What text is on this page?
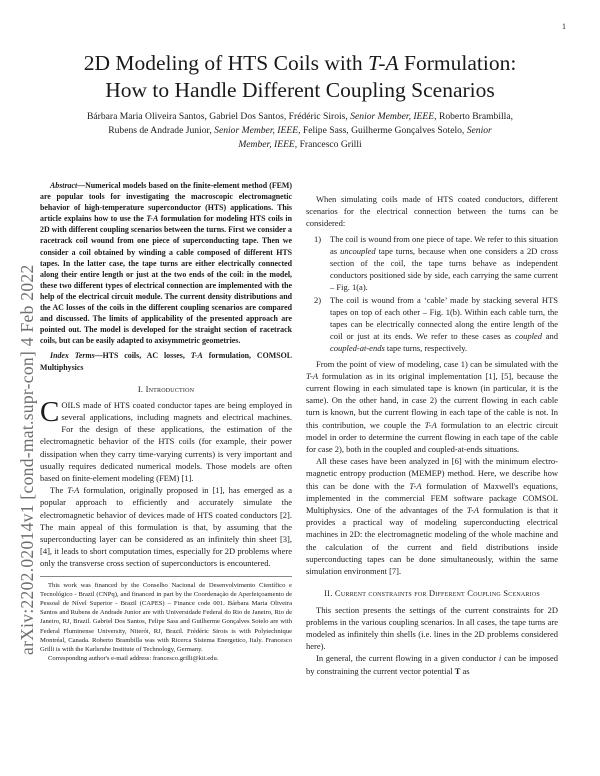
1
arXiv:2202.02014v1 [cond-mat.supr-con] 4 Feb 2022
2D Modeling of HTS Coils with T-A Formulation:
How to Handle Different Coupling Scenarios
Bárbara Maria Oliveira Santos, Gabriel Dos Santos, Frédéric Sirois, Senior Member, IEEE, Roberto Brambilla,
Rubens de Andrade Junior, Senior Member, IEEE, Felipe Sass, Guilherme Gonçalves Sotelo, Senior
Member, IEEE, Francesco Grilli

Abstract—Numerical models based on the finite-element method (FEM) are popular tools for investigating the macroscopic electromagnetic behavior of high-temperature superconductor (HTS) applications. This article explains how to use the T-A formulation for modeling HTS coils in 2D with different coupling scenarios between the turns. First we consider a racetrack coil wound from one piece of superconducting tape. Then we consider a coil obtained by winding a cable composed of different HTS tapes. In the latter case, the tape turns are either electrically connected along their entire length or just at the two ends of the coil: in the model, these two different types of electrical connection are implemented with the help of the electrical circuit module. The current density distributions and the AC losses of the coils in the different coupling scenarios are compared and discussed. The limits of applicability of the presented approach are pointed out. The model is developed for the straight section of racetrack coils, but can be easily adapted to axisymmetric geometries.

Index Terms—HTS coils, AC losses, T-A formulation, COMSOL Multiphysics

I. Introduction

COILS made of HTS coated conductor tapes are being employed in several applications, including magnets and electrical machines. For the design of these applications, the estimation of the electromagnetic behavior of the HTS coils (for example, their power dissipation when they carry time-varying currents) is very important and usually requires dedicated numerical models. Those models are often based on finite-element modeling (FEM) [1].

The T-A formulation, originally proposed in [1], has emerged as a popular approach to efficiently and accurately simulate the electromagnetic behavior of devices made of HTS coated conductors [2]. The main appeal of this formulation is that, by assuming that the superconducting layer can be considered as an infinitely thin sheet [3], [4], it leads to short computation times, especially for 2D problems where only the transverse cross section of superconductors is encountered.

This work was financed by the Conselho Nacional de Desenvolvimento Científico e Tecnológico - Brazil (CNPq), and financed in part by the Coordenação de Aperfeiçoamento de Pessoal de Nível Superior - Brazil (CAPES) – Finance code 001. Bárbara Maria Oliveira Santos and Rubens de Andrade Junior are with Universidade Federal do Rio de Janeiro, Rio de Janeiro, RJ, Brazil. Gabriel Dos Santos, Felipe Sass and Guilherme Gonçalves Sotelo are with Federal Fluminense University, Niterói, RJ, Brazil. Frédéric Sirois is with Polytechnique Montréal, Canada. Roberto Brambilla was with Ricerca Sistema Energetico, Italy. Francesco Grilli is with the Karlsruhe Institute of Technology, Germany.

Corresponding author's e-mail address: francesco.grilli@kit.edu.

When simulating coils made of HTS coated conductors, different scenarios for the electrical connection between the turns can be considered:

1) The coil is wound from one piece of tape. We refer to this situation as uncoupled tape turns, because when one considers a 2D cross section of the coil, the tape turns behave as independent conductors positioned side by side, each carrying the same current – Fig. 1(a).
2) The coil is wound from a ‘cable’ made by stacking several HTS tapes on top of each other – Fig. 1(b). Within each cable turn, the tapes can be electrically connected along the entire length of the coil or just at its ends. We refer to these cases as coupled and coupled-at-ends tape turns, respectively.

From the point of view of modeling, case 1) can be simulated with the T-A formulation as in its original implementation [1], [5], because the current flowing in each simulated tape is known (in particular, it is the same). On the other hand, in case 2) the current flowing in each cable turn is known, but the current flowing in each tape of the cable is not. In this contribution, we couple the T-A formulation to an electric circuit model in order to determine the current flowing in each tape of the cable for case 2), both in the coupled and coupled-at-ends situations.

All these cases have been analyzed in [6] with the minimum electro-magnetic entropy production (MEMEP) method. Here, we describe how this can be done with the T-A formulation of Maxwell's equations, implemented in the commercial FEM software package COMSOL Multiphysics. One of the advantages of the T-A formulation is that it provides a practical way of modeling superconducting electrical machines in 2D: the electromagnetic modeling of the whole machine and the calculation of the current and field distributions inside superconducting tapes can be done simultaneously, within the same simulation environment [7].

II. Current constraints for Different Coupling Scenarios

This section presents the settings of the current constraints for 2D problems in the various coupling scenarios. In all cases, the tape turns are modeled as infinitely thin shells (i.e. lines in the 2D problems considered here).

In general, the current flowing in a given conductor i can be imposed by constraining the current vector potential T as
